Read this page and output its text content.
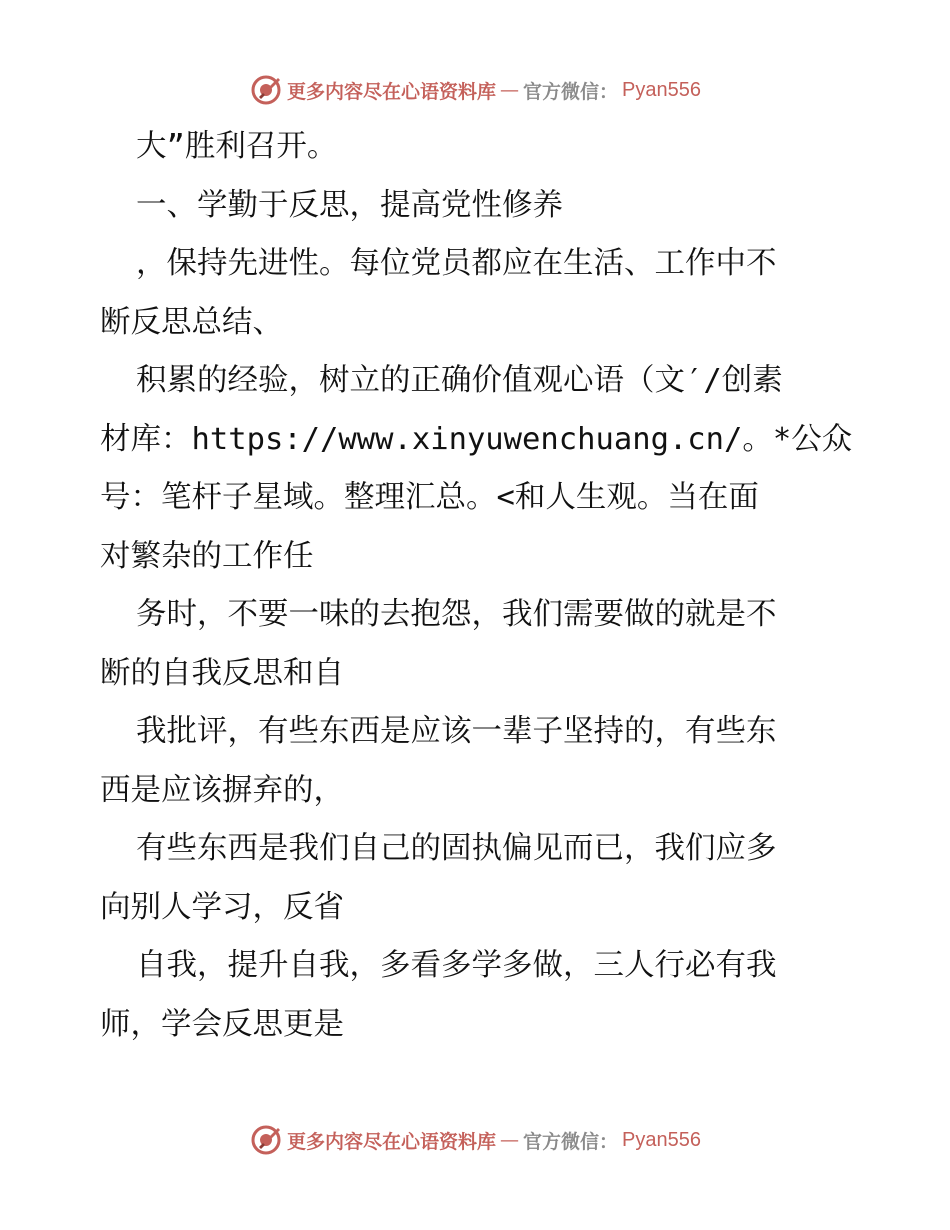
更多内容尽在心语资料库 — 官方微信： Pyan556
大”胜利召开。
一、学勤于反思，提高党性修养
，保持先进性。每位党员都应在生活、工作中不
断反思总结、
积累的经验，树立的正确价值观心语（文′/创素
材库：https://www.xinyuwenchuang.cn/。*公众
号：笔杆子星域。整理汇总。<和人生观。当在面
对繁杂的工作任
务时，不要一味的去抱怨，我们需要做的就是不
断的自我反思和自
我批评，有些东西是应该一辈子坚持的，有些东
西是应该摒弃的，
有些东西是我们自己的固执偏见而已，我们应多
向别人学习，反省
自我，提升自我，多看多学多做，三人行必有我
师，学会反思更是
更多内容尽在心语资料库 — 官方微信： Pyan556
